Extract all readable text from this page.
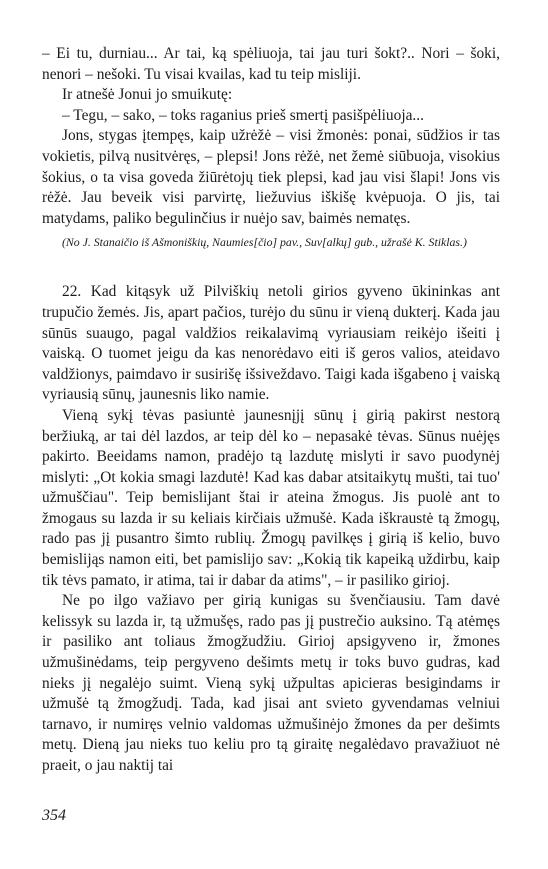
– Ei tu, durniau... Ar tai, ką spėliuoja, tai jau turi šokt?.. Nori – šoki, nenori – nešoki. Tu visai kvailas, kad tu teip misliji.

Ir atnešė Jonui jo smuikutę:

– Tegu, – sako, – toks raganius prieš smertį pasišpėliuoja...

Jons, stygas įtempęs, kaip užrėžė – visi žmonės: ponai, sūdžios ir tas vokietis, pilvą nusitvėręs, – plepsi! Jons rėžė, net žemė siūbuoja, visokius šokius, o ta visa goveda žiūrėtojų tiek plepsi, kad jau visi šlapi! Jons vis rėžė. Jau beveik visi parvirtę, liežuvius iškišę kvėpuoja. O jis, tai matydams, paliko begulinčius ir nuėjo sav, baimės nematęs.

(No J. Stanaičio iš Ašmoniškių, Naumies[čio] pav., Suv[alkų] gub., užrašė K. Stiklas.)

22. Kad kitąsyk už Pilviškių netoli girios gyveno ūkininkas ant trupučio žemės. Jis, apart pačios, turėjo du sūnu ir vieną dukterį. Kada jau sūnūs suaugo, pagal valdžios reikalavimą vyriausiam reikėjo išeiti į vaiską. O tuomet jeigu da kas nenorėdavo eiti iš geros valios, ateidavo valdžionys, paimdavo ir susirišę išsiveždavo. Taigi kada išgabeno į vaiską vyriausią sūnų, jaunesnis liko namie.

Vieną sykį tėvas pasiuntė jaunesnįjį sūnų į girią pakirst nestorą beržiuką, ar tai dėl lazdos, ar teip dėl ko – nepasakė tėvas. Sūnus nuėjęs pakirto. Beeidams namon, pradėjo tą lazdutę mislyti ir savo puodynėj mislyti: „Ot kokia smagi lazdutė! Kad kas dabar atsitaikytų mušti, tai tuo' užmuščiau". Teip bemislijant štai ir ateina žmogus. Jis puolė ant to žmogaus su lazda ir su keliais kirčiais užmušė. Kada iškraustė tą žmogų, rado pas jį pusantro šimto rublių. Žmogų pavilkęs į girią iš kelio, buvo bemislijąs namon eiti, bet pamislijo sav: „Kokią tik kapeiką uždirbu, kaip tik tėvs pamato, ir atima, tai ir dabar da atims", – ir pasiliko girioj.

Ne po ilgo važiavo per girią kunigas su švenčiausiu. Tam davė kelissyk su lazda ir, tą užmušęs, rado pas jį pustrečio auksino. Tą atėmęs ir pasiliko ant toliaus žmogžudžiu. Girioj apsigyveno ir, žmones užmušinėdams, teip pergyveno dešimts metų ir toks buvo gudras, kad nieks jį negalėjo suimt. Vieną sykį užpultas apicieras besigindams ir užmušė tą žmogžudį. Tada, kad jisai ant svieto gyvendamas velniui tarnavo, ir numiręs velnio valdomas užmušinėjo žmones da per dešimts metų. Dieną jau nieks tuo keliu pro tą giraitę negalėdavo pravažiuot nė praeit, o jau naktij tai

354
